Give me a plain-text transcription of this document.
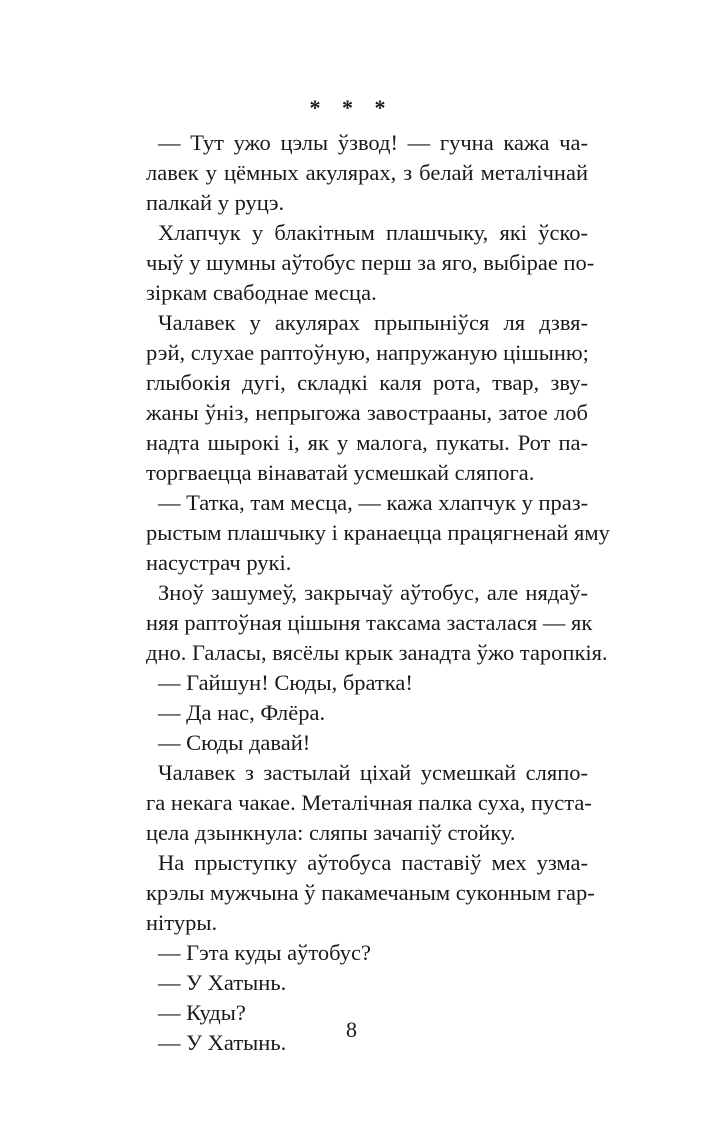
* * *
— Тут ужо цэлы ўзвод! — гучна кажа ча-
лавек у цёмных акулярах, з белай металічнай
палкай у руцэ.
Хлапчук у блакітным плашчыку, які ўско-
чыў у шумны аўтобус перш за яго, выбірае по-
зіркам свабоднае месца.
Чалавек у акулярах прыпыніўся ля дзвя-
рэй, слухае раптоўную, напружаную цішыню;
глыбокія дугі, складкі каля рота, твар, зву-
жаны ўніз, непрыгожа завострааны, затое лоб
надта шырокі і, як у малога, пукаты. Рот па-
торгваецца вінаватай усмешкай сляпога.
— Татка, там месца, — кажа хлапчук у праз-
рыстым плашчыку і кранаецца працягненай яму
насустрач рукі.
Зноў зашумеў, закрычаў аўтобус, але нядаў-
няя раптоўная цішыня таксама засталася — як
дно. Галасы, вясёлы крык занадта ўжо таропкія.
— Гайшун! Сюды, братка!
— Да нас, Флёра.
— Сюды давай!
Чалавек з застылай ціхай усмешкай сляпо-
га некага чакае. Металічная палка суха, пуста-
цела дзынкнула: сляпы зачапіў стойку.
На прыступку аўтобуса паставіў мех узма-
крэлы мужчына ў пакамечаным суконным гар-
нітуры.
— Гэта куды аўтобус?
— У Хатынь.
— Куды?
— У Хатынь.
8
